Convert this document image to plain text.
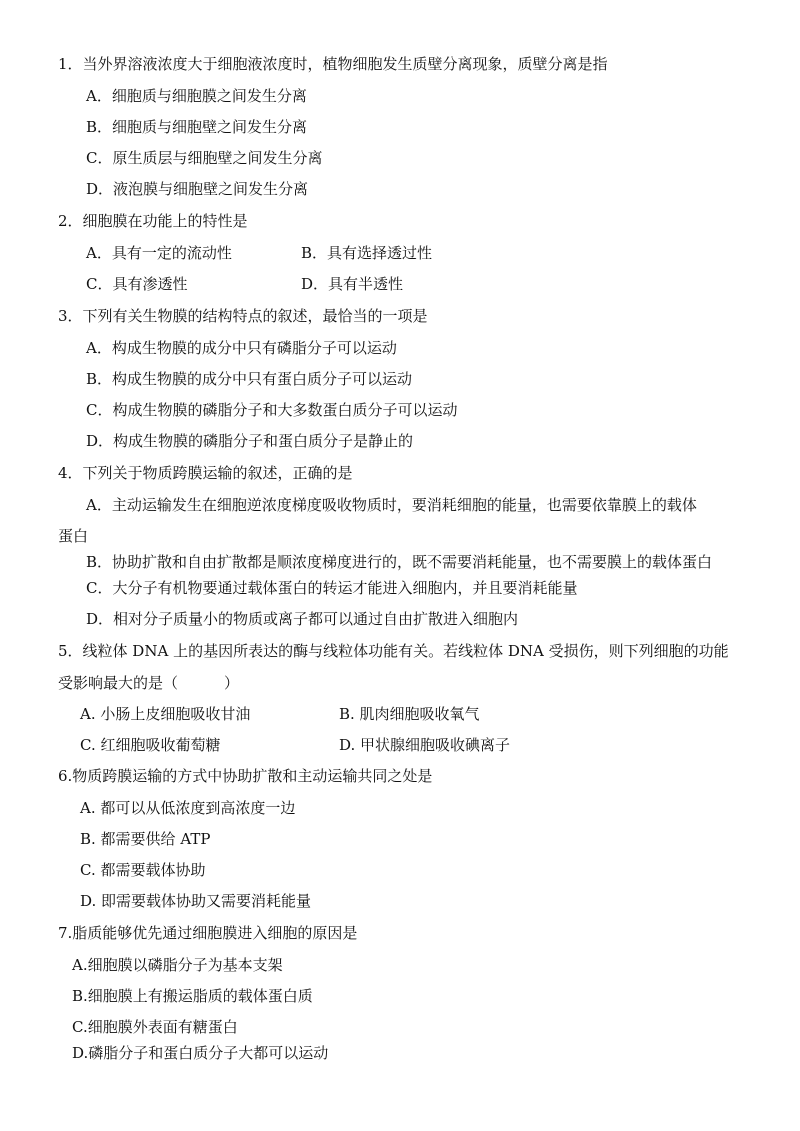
1．当外界溶液浓度大于细胞液浓度时，植物细胞发生质壁分离现象，质壁分离是指
A．细胞质与细胞膜之间发生分离
B．细胞质与细胞壁之间发生分离
C．原生质层与细胞壁之间发生分离
D．液泡膜与细胞壁之间发生分离
2．细胞膜在功能上的特性是
A．具有一定的流动性	B．具有选择透过性
C．具有渗透性	D．具有半透性
3．下列有关生物膜的结构特点的叙述，最恰当的一项是
A．构成生物膜的成分中只有磷脂分子可以运动
B．构成生物膜的成分中只有蛋白质分子可以运动
C．构成生物膜的磷脂分子和大多数蛋白质分子可以运动
D．构成生物膜的磷脂分子和蛋白质分子是静止的
4．下列关于物质跨膜运输的叙述，正确的是
A．主动运输发生在细胞逆浓度梯度吸收物质时，要消耗细胞的能量，也需要依靠膜上的载体
蛋白
B．协助扩散和自由扩散都是顺浓度梯度进行的，既不需要消耗能量，也不需要膜上的载体蛋白
C．大分子有机物要通过载体蛋白的转运才能进入细胞内，并且要消耗能量
D．相对分子质量小的物质或离子都可以通过自由扩散进入细胞内
5．线粒体 DNA 上的基因所表达的酶与线粒体功能有关。若线粒体 DNA 受损伤，则下列细胞的功能
受影响最大的是（	）
A. 小肠上皮细胞吸收甘油	B. 肌肉细胞吸收氧气
C. 红细胞吸收葡萄糖	D. 甲状腺细胞吸收碘离子
6.物质跨膜运输的方式中协助扩散和主动运输共同之处是
A. 都可以从低浓度到高浓度一边
B. 都需要供给 ATP
C. 都需要载体协助
D. 即需要载体协助又需要消耗能量
7.脂质能够优先通过细胞膜进入细胞的原因是
A.细胞膜以磷脂分子为基本支架
B.细胞膜上有搬运脂质的载体蛋白质
C.细胞膜外表面有糖蛋白
D.磷脂分子和蛋白质分子大都可以运动
